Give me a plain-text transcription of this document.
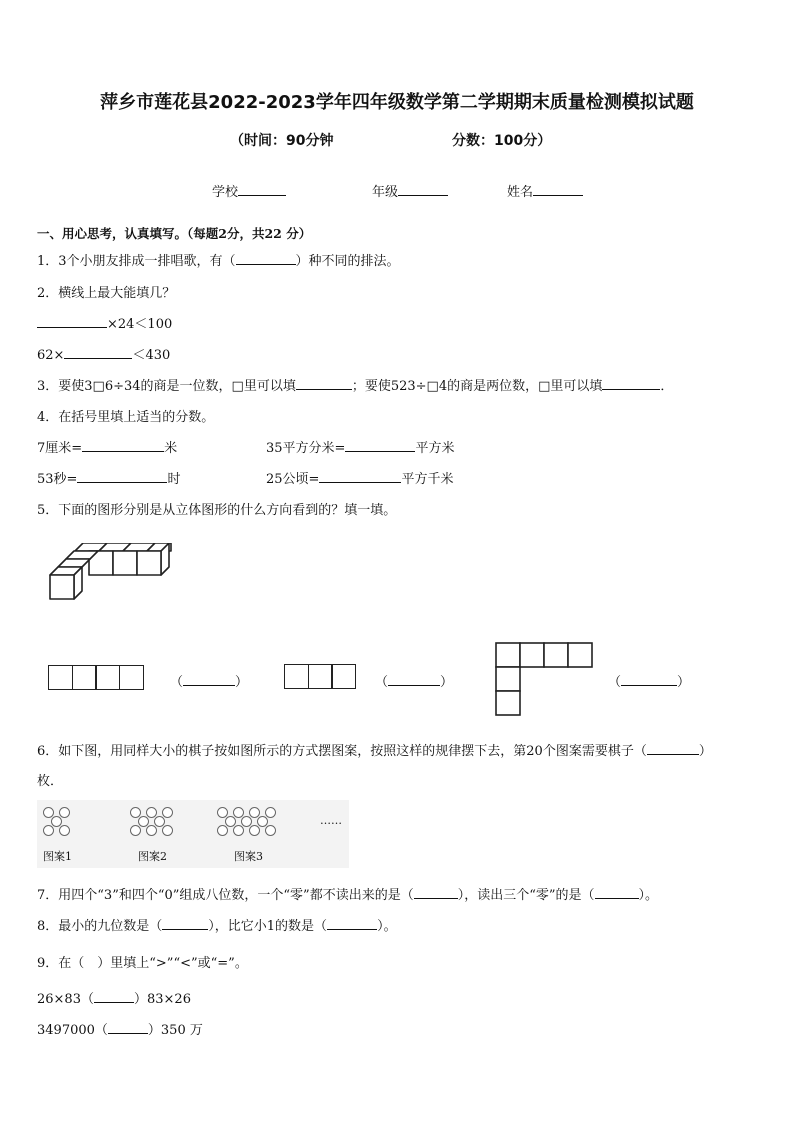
萍乡市莲花县2022-2023学年四年级数学第二学期期末质量检测模拟试题
（时间：90分钟	分数：100分）
学校	年级	姓名
一、用心思考，认真填写。（每题2分，共22 分）
1．3个小朋友排成一排唱歌，有（	）种不同的排法。
2．横线上最大能填几？
×24＜100
62×	＜430
3．要使3□6÷34的商是一位数，□里可以填	；要使523÷□4的商是两位数，□里可以填	．
4．在括号里填上适当的分数。
7厘米=	米	35平方分米=	平方米
53秒=	时	25公顷=	平方千米
5．下面的图形分别是从立体图形的什么方向看到的？填一填。
（	）	（	）	（	）
6．如下图，用同样大小的棋子按如图所示的方式摆图案，按照这样的规律摆下去，第20个图案需要棋子（	）
枚．
……
图案1	图案2	图案3
7．用四个“3”和四个“0”组成八位数，一个“零”都不读出来的是（	），读出三个“零”的是（	）。
8．最小的九位数是（	），比它小1的数是（	）。
9．在（　）里填上“>”“<”或“=”。
26×83（	）83×26
3497000（	）350 万
